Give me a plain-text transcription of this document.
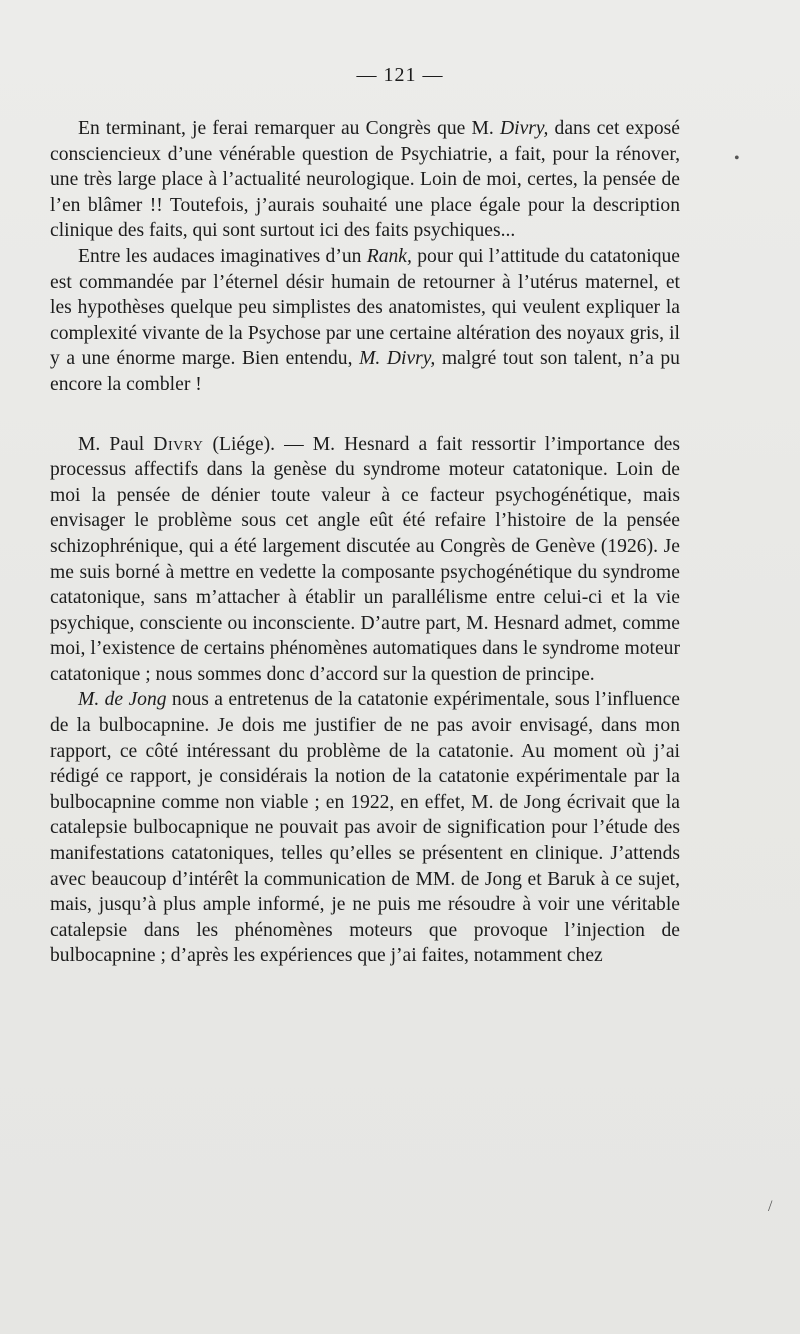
— 121 —

En terminant, je ferai remarquer au Congrès que M. Divry, dans cet exposé consciencieux d’une vénérable question de Psychiatrie, a fait, pour la rénover, une très large place à l’actualité neurologique. Loin de moi, certes, la pensée de l’en blâmer !! Toutefois, j’aurais souhaité une place égale pour la description clinique des faits, qui sont surtout ici des faits psychiques...

Entre les audaces imaginatives d’un Rank, pour qui l’attitude du catatonique est commandée par l’éternel désir humain de retourner à l’utérus maternel, et les hypothèses quelque peu simplistes des anatomistes, qui veulent expliquer la complexité vivante de la Psychose par une certaine altération des noyaux gris, il y a une énorme marge. Bien entendu, M. Divry, malgré tout son talent, n’a pu encore la combler !

M. Paul Divry (Liége). — M. Hesnard a fait ressortir l’importance des processus affectifs dans la genèse du syndrome moteur catatonique. Loin de moi la pensée de dénier toute valeur à ce facteur psychogénétique, mais envisager le problème sous cet angle eût été refaire l’histoire de la pensée schizophrénique, qui a été largement discutée au Congrès de Genève (1926). Je me suis borné à mettre en vedette la composante psychogénétique du syndrome catatonique, sans m’attacher à établir un parallélisme entre celui-ci et la vie psychique, consciente ou inconsciente. D’autre part, M. Hesnard admet, comme moi, l’existence de certains phénomènes automatiques dans le syndrome moteur catatonique ; nous sommes donc d’accord sur la question de principe.

M. de Jong nous a entretenus de la catatonie expérimentale, sous l’influence de la bulbocapnine. Je dois me justifier de ne pas avoir envisagé, dans mon rapport, ce côté intéressant du problème de la catatonie. Au moment où j’ai rédigé ce rapport, je considérais la notion de la catatonie expérimentale par la bulbocapnine comme non viable ; en 1922, en effet, M. de Jong écrivait que la catalepsie bulbocapnique ne pouvait pas avoir de signification pour l’étude des manifestations catatoniques, telles qu’elles se présentent en clinique. J’attends avec beaucoup d’intérêt la communication de MM. de Jong et Baruk à ce sujet, mais, jusqu’à plus ample informé, je ne puis me résoudre à voir une véritable catalepsie dans les phénomènes moteurs que provoque l’injection de bulbocapnine ; d’après les expériences que j’ai faites, notamment chez

•
/
